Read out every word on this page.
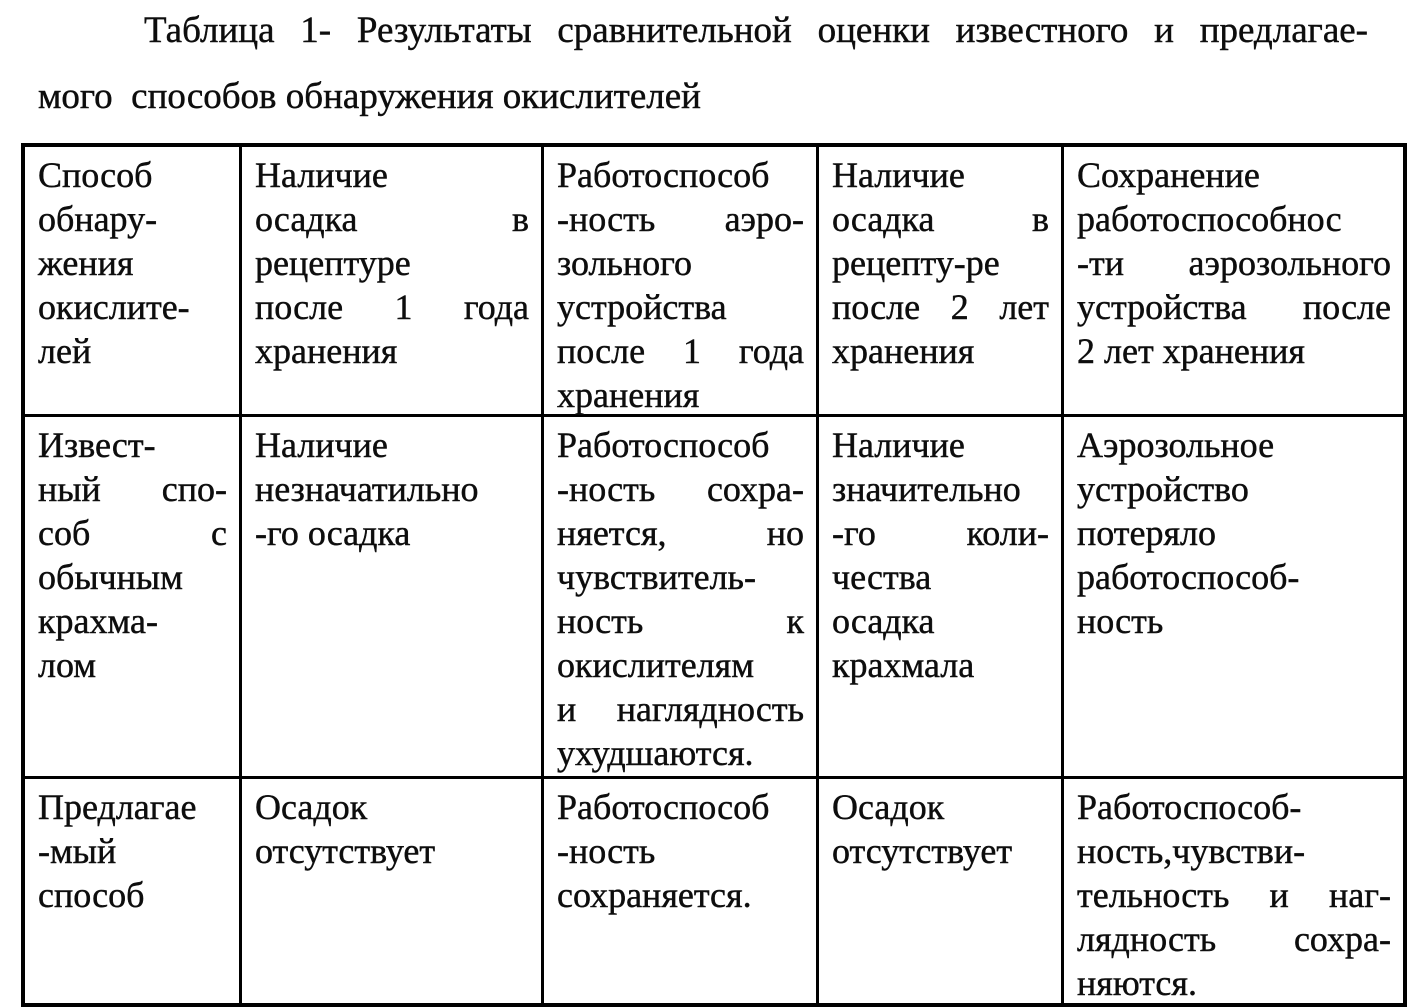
Таблица 1- Результаты сравнительной оценки известного и предлагае-
мого  способов обнаружения окислителей
Способ
обнару-
жения
окислите-
лей
Наличие
осадка в
рецептуре
после 1 года
хранения
Работоспособ
-ность аэро-
зольного
устройства
после 1 года
хранения
Наличие
осадка в
рецепту-ре
после 2 лет
хранения
Сохранение
работоспособнос
-ти аэрозольного
устройства после
2 лет хранения
Извест-
ный спо-
соб с
обычным
крахма-
лом
Наличие
незначатильно
-го осадка
Работоспособ
-ность сохра-
няется, но
чувствитель-
ность к
окислителям
и наглядность
ухудшаются.
Наличие
значительно
-го коли-
чества
осадка
крахмала
Аэрозольное
устройство
потеряло
работоспособ-
ность
Предлагае
-мый
способ
Осадок
отсутствует
Работоспособ
-ность
сохраняется.
Осадок
отсутствует
Работоспособ-
ность,чувстви-
тельность и наг-
лядность сохра-
няются.
